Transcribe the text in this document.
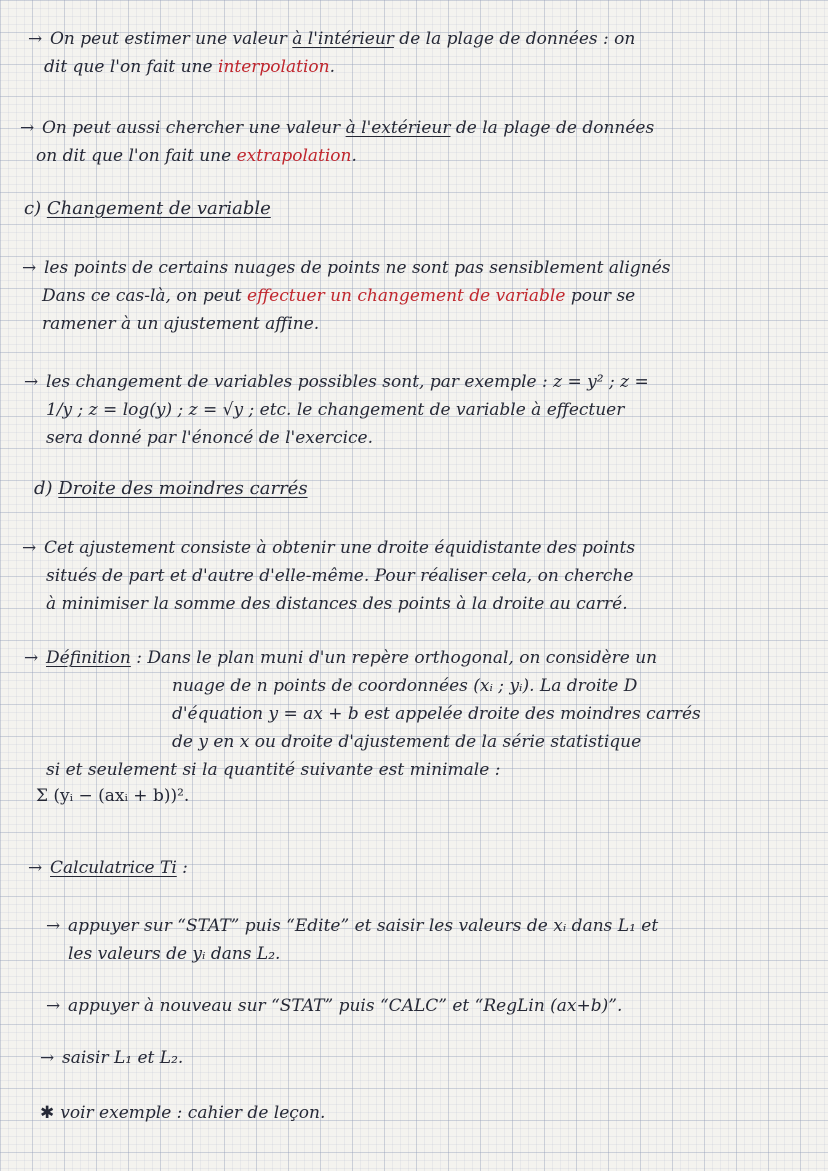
→ On peut estimer une valeur à l'intérieur de la plage de données : on
dit que l'on fait une interpolation.
→ On peut aussi chercher une valeur à l'extérieur de la plage de données
on dit que l'on fait une extrapolation.
c) Changement de variable
→ les points de certains nuages de points ne sont pas sensiblement alignés
Dans ce cas-là, on peut effectuer un changement de variable pour se
ramener à un ajustement affine.
→ les changement de variables possibles sont, par exemple : z = y² ; z =
1/y ; z = log(y) ; z = √y ; etc. le changement de variable à effectuer
sera donné par l'énoncé de l'exercice.
d) Droite des moindres carrés
→ Cet ajustement consiste à obtenir une droite équidistante des points
situés de part et d'autre d'elle-même. Pour réaliser cela, on cherche
à minimiser la somme des distances des points à la droite au carré.
→ Définition : Dans le plan muni d'un repère orthogonal, on considère un
nuage de n points de coordonnées (xᵢ ; yᵢ). La droite D
d'équation y = ax + b est appelée droite des moindres carrés
de y en x ou droite d'ajustement de la série statistique
si et seulement si la quantité suivante est minimale :
Σ (yᵢ − (axᵢ + b))².
→ Calculatrice Ti :
→ appuyer sur “STAT” puis “Edite” et saisir les valeurs de xᵢ dans L₁ et
les valeurs de yᵢ dans L₂.
→ appuyer à nouveau sur “STAT” puis “CALC” et “RegLin (ax+b)”.
→ saisir L₁ et L₂.
✱ voir exemple : cahier de leçon.
